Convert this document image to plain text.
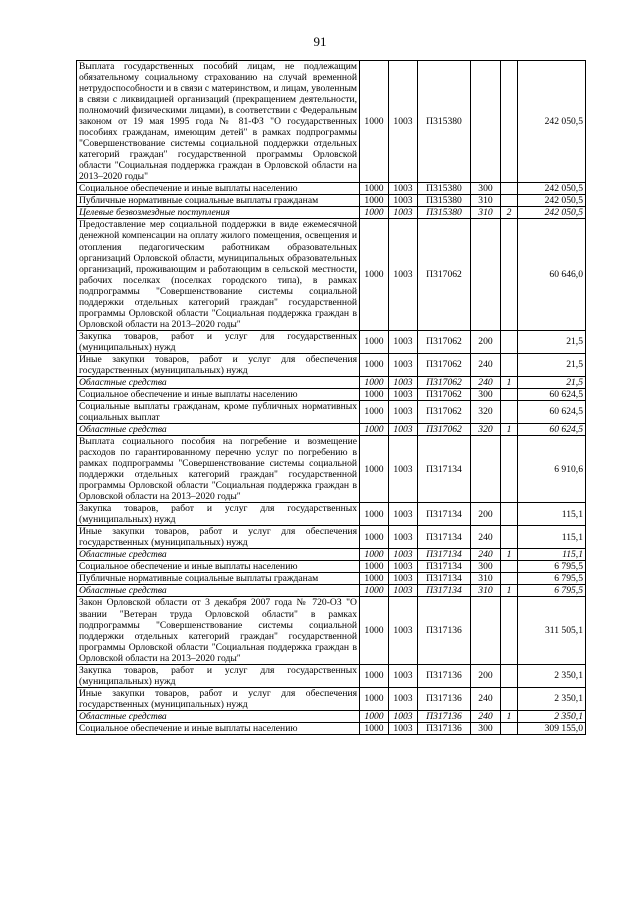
91
Выплата государственных пособий лицам, не подлежащим обязательному социальному страхованию на случай временной нетрудоспособности и в связи с материнством, и лицам, уволенным в связи с ликвидацией организаций (прекращением деятельности, полномочий физическими лицами), в соответствии с Федеральным законом от 19 мая 1995 года № 81-ФЗ "О государственных пособиях гражданам, имеющим детей" в рамках подпрограммы "Совершенствование системы социальной поддержки отдельных категорий граждан" государственной программы Орловской области "Социальная поддержка граждан в Орловской области на 2013–2020 годы"	1000	1003	П315380			242 050,5
Социальное обеспечение и иные выплаты населению	1000	1003	П315380	300		242 050,5
Публичные нормативные социальные выплаты гражданам	1000	1003	П315380	310		242 050,5
Целевые безвозмездные поступления	1000	1003	П315380	310	2	242 050,5
Предоставление мер социальной поддержки в виде ежемесячной денежной компенсации на оплату жилого помещения, освещения и отопления педагогическим работникам образовательных организаций Орловской области, муниципальных образовательных организаций, проживающим и работающим в сельской местности, рабочих поселках (поселках городского типа), в рамках подпрограммы "Совершенствование системы социальной поддержки отдельных категорий граждан" государственной программы Орловской области "Социальная поддержка граждан в Орловской области на 2013–2020 годы"	1000	1003	П317062			60 646,0
Закупка товаров, работ и услуг для государственных (муниципальных) нужд	1000	1003	П317062	200		21,5
Иные закупки товаров, работ и услуг для обеспечения государственных (муниципальных) нужд	1000	1003	П317062	240		21,5
Областные средства	1000	1003	П317062	240	1	21,5
Социальное обеспечение и иные выплаты населению	1000	1003	П317062	300		60 624,5
Социальные выплаты гражданам, кроме публичных нормативных социальных выплат	1000	1003	П317062	320		60 624,5
Областные средства	1000	1003	П317062	320	1	60 624,5
Выплата социального пособия на погребение и возмещение расходов по гарантированному перечню услуг по погребению в рамках подпрограммы "Совершенствование системы социальной поддержки отдельных категорий граждан" государственной программы Орловской области "Социальная поддержка граждан в Орловской области на 2013–2020 годы"	1000	1003	П317134			6 910,6
Закупка товаров, работ и услуг для государственных (муниципальных) нужд	1000	1003	П317134	200		115,1
Иные закупки товаров, работ и услуг для обеспечения государственных (муниципальных) нужд	1000	1003	П317134	240		115,1
Областные средства	1000	1003	П317134	240	1	115,1
Социальное обеспечение и иные выплаты населению	1000	1003	П317134	300		6 795,5
Публичные нормативные социальные выплаты гражданам	1000	1003	П317134	310		6 795,5
Областные средства	1000	1003	П317134	310	1	6 795,5
Закон Орловской области от 3 декабря 2007 года № 720-ОЗ "О звании "Ветеран труда Орловской области" в рамках подпрограммы "Совершенствование системы социальной поддержки отдельных категорий граждан" государственной программы Орловской области "Социальная поддержка граждан в Орловской области на 2013–2020 годы"	1000	1003	П317136			311 505,1
Закупка товаров, работ и услуг для государственных (муниципальных) нужд	1000	1003	П317136	200		2 350,1
Иные закупки товаров, работ и услуг для обеспечения государственных (муниципальных) нужд	1000	1003	П317136	240		2 350,1
Областные средства	1000	1003	П317136	240	1	2 350,1
Социальное обеспечение и иные выплаты населению	1000	1003	П317136	300		309 155,0
